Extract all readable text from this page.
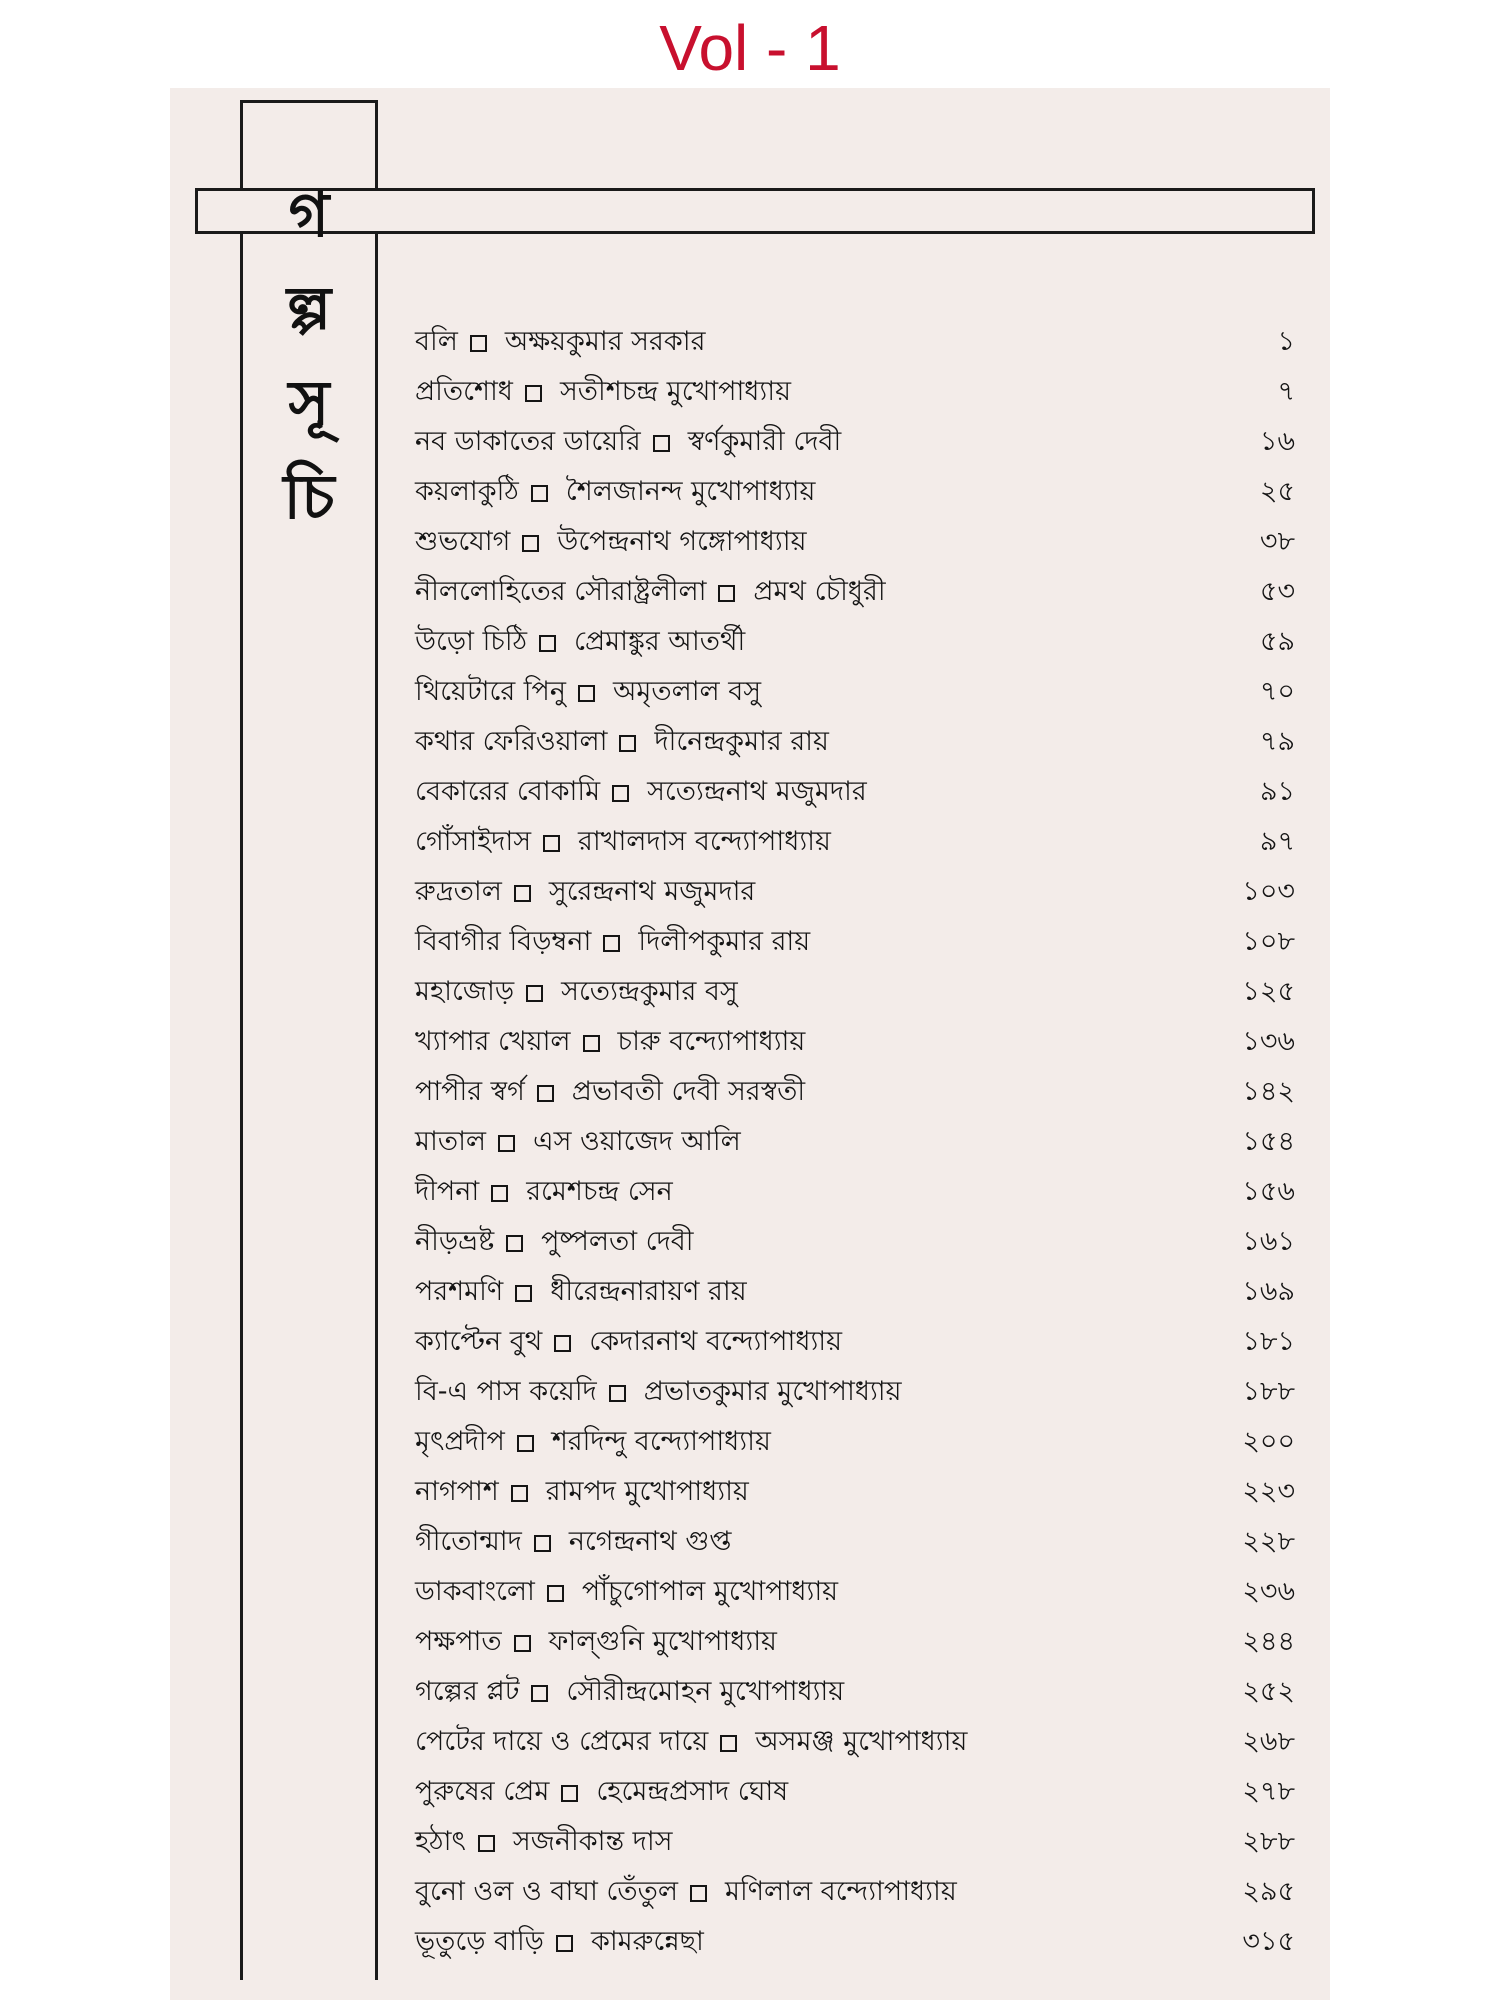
Vol - 1
গ
ল্প
সূ
চি
বলি অক্ষয়কুমার সরকার	১
প্রতিশোধ সতীশচন্দ্র মুখোপাধ্যায়	৭
নব ডাকাতের ডায়েরি স্বর্ণকুমারী দেবী	১৬
কয়লাকুঠি শৈলজানন্দ মুখোপাধ্যায়	২৫
শুভযোগ উপেন্দ্রনাথ গঙ্গোপাধ্যায়	৩৮
নীললোহিতের সৌরাষ্ট্রলীলা প্রমথ চৌধুরী	৫৩
উড়ো চিঠি প্রেমাঙ্কুর আতর্থী	৫৯
থিয়েটারে পিনু অমৃতলাল বসু	৭০
কথার ফেরিওয়ালা দীনেন্দ্রকুমার রায়	৭৯
বেকারের বোকামি সত্যেন্দ্রনাথ মজুমদার	৯১
গোঁসাইদাস রাখালদাস বন্দ্যোপাধ্যায়	৯৭
রুদ্রতাল সুরেন্দ্রনাথ মজুমদার	১০৩
বিবাগীর বিড়ম্বনা দিলীপকুমার রায়	১০৮
মহাজোড় সত্যেন্দ্রকুমার বসু	১২৫
খ্যাপার খেয়াল চারু বন্দ্যোপাধ্যায়	১৩৬
পাপীর স্বর্গ প্রভাবতী দেবী সরস্বতী	১৪২
মাতাল এস ওয়াজেদ আলি	১৫৪
দীপনা রমেশচন্দ্র সেন	১৫৬
নীড়ভ্রষ্ট পুষ্পলতা দেবী	১৬১
পরশমণি ধীরেন্দ্রনারায়ণ রায়	১৬৯
ক্যাপ্টেন বুথ কেদারনাথ বন্দ্যোপাধ্যায়	১৮১
বি-এ পাস কয়েদি প্রভাতকুমার মুখোপাধ্যায়	১৮৮
মৃৎপ্রদীপ শরদিন্দু বন্দ্যোপাধ্যায়	২০০
নাগপাশ রামপদ মুখোপাধ্যায়	২২৩
গীতোন্মাদ নগেন্দ্রনাথ গুপ্ত	২২৮
ডাকবাংলো পাঁচুগোপাল মুখোপাধ্যায়	২৩৬
পক্ষপাত ফাল্গুনি মুখোপাধ্যায়	২৪৪
গল্পের প্লট সৌরীন্দ্রমোহন মুখোপাধ্যায়	২৫২
পেটের দায়ে ও প্রেমের দায়ে অসমঞ্জ মুখোপাধ্যায়	২৬৮
পুরুষের প্রেম হেমেন্দ্রপ্রসাদ ঘোষ	২৭৮
হঠাৎ সজনীকান্ত দাস	২৮৮
বুনো ওল ও বাঘা তেঁতুল মণিলাল বন্দ্যোপাধ্যায়	২৯৫
ভূতুড়ে বাড়ি কামরুন্নেছা	৩১৫
